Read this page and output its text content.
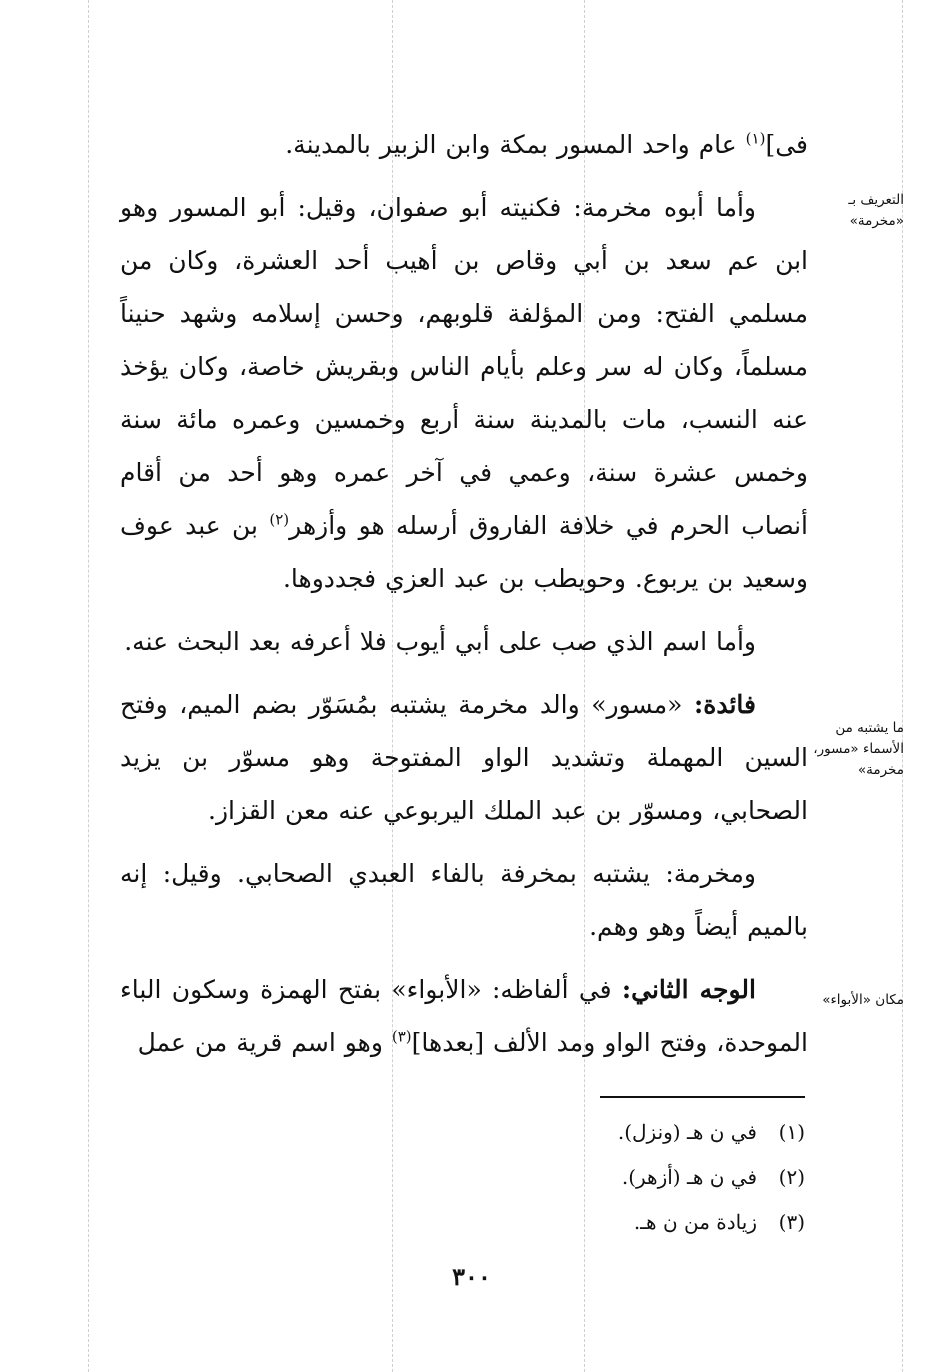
فى]$^{(١)}$ عام واحد المسور بمكة وابن الزبير بالمدينة.

وأما أبوه مخرمة: فكنيته أبو صفوان، وقيل: أبو المسور وهو ابن عم سعد بن أبي وقاص بن أهيب أحد العشرة، وكان من مسلمي الفتح: ومن المؤلفة قلوبهم، وحسن إسلامه وشهد حنيناً مسلماً، وكان له سر وعلم بأيام الناس وبقريش خاصة، وكان يؤخذ عنه النسب، مات بالمدينة سنة أربع وخمسين وعمره مائة سنة وخمس عشرة سنة، وعمي في آخر عمره وهو أحد من أقام أنصاب الحرم في خلافة الفاروق أرسله هو وأزهر$^{(٢)}$ بن عبد عوف وسعيد بن يربوع. وحويطب بن عبد العزي فجددوها.

وأما اسم الذي صب على أبي أيوب فلا أعرفه بعد البحث عنه.

فائدة: «مسور» والد مخرمة يشتبه بمُسَوّر بضم الميم، وفتح السين المهملة وتشديد الواو المفتوحة وهو مسوّر بن يزيد الصحابي، ومسوّر بن عبد الملك اليربوعي عنه معن القزاز.

ومخرمة: يشتبه بمخرفة بالفاء العبدي الصحابي. وقيل: إنه بالميم أيضاً وهو وهم.

الوجه الثاني: في ألفاظه: «الأبواء» بفتح الهمزة وسكون الباء الموحدة، وفتح الواو ومد الألف [بعدها]$^{(٣)}$ وهو اسم قرية من عمل

التعريف بـ «مخرمة»
ما يشتبه من الأسماء «مسور، مخرمة»
مكان «الأبواء»
(١)في ن هـ (ونزل).
(٢)في ن هـ (أزهر).
(٣)زيادة من ن هـ.
٣٠٠
